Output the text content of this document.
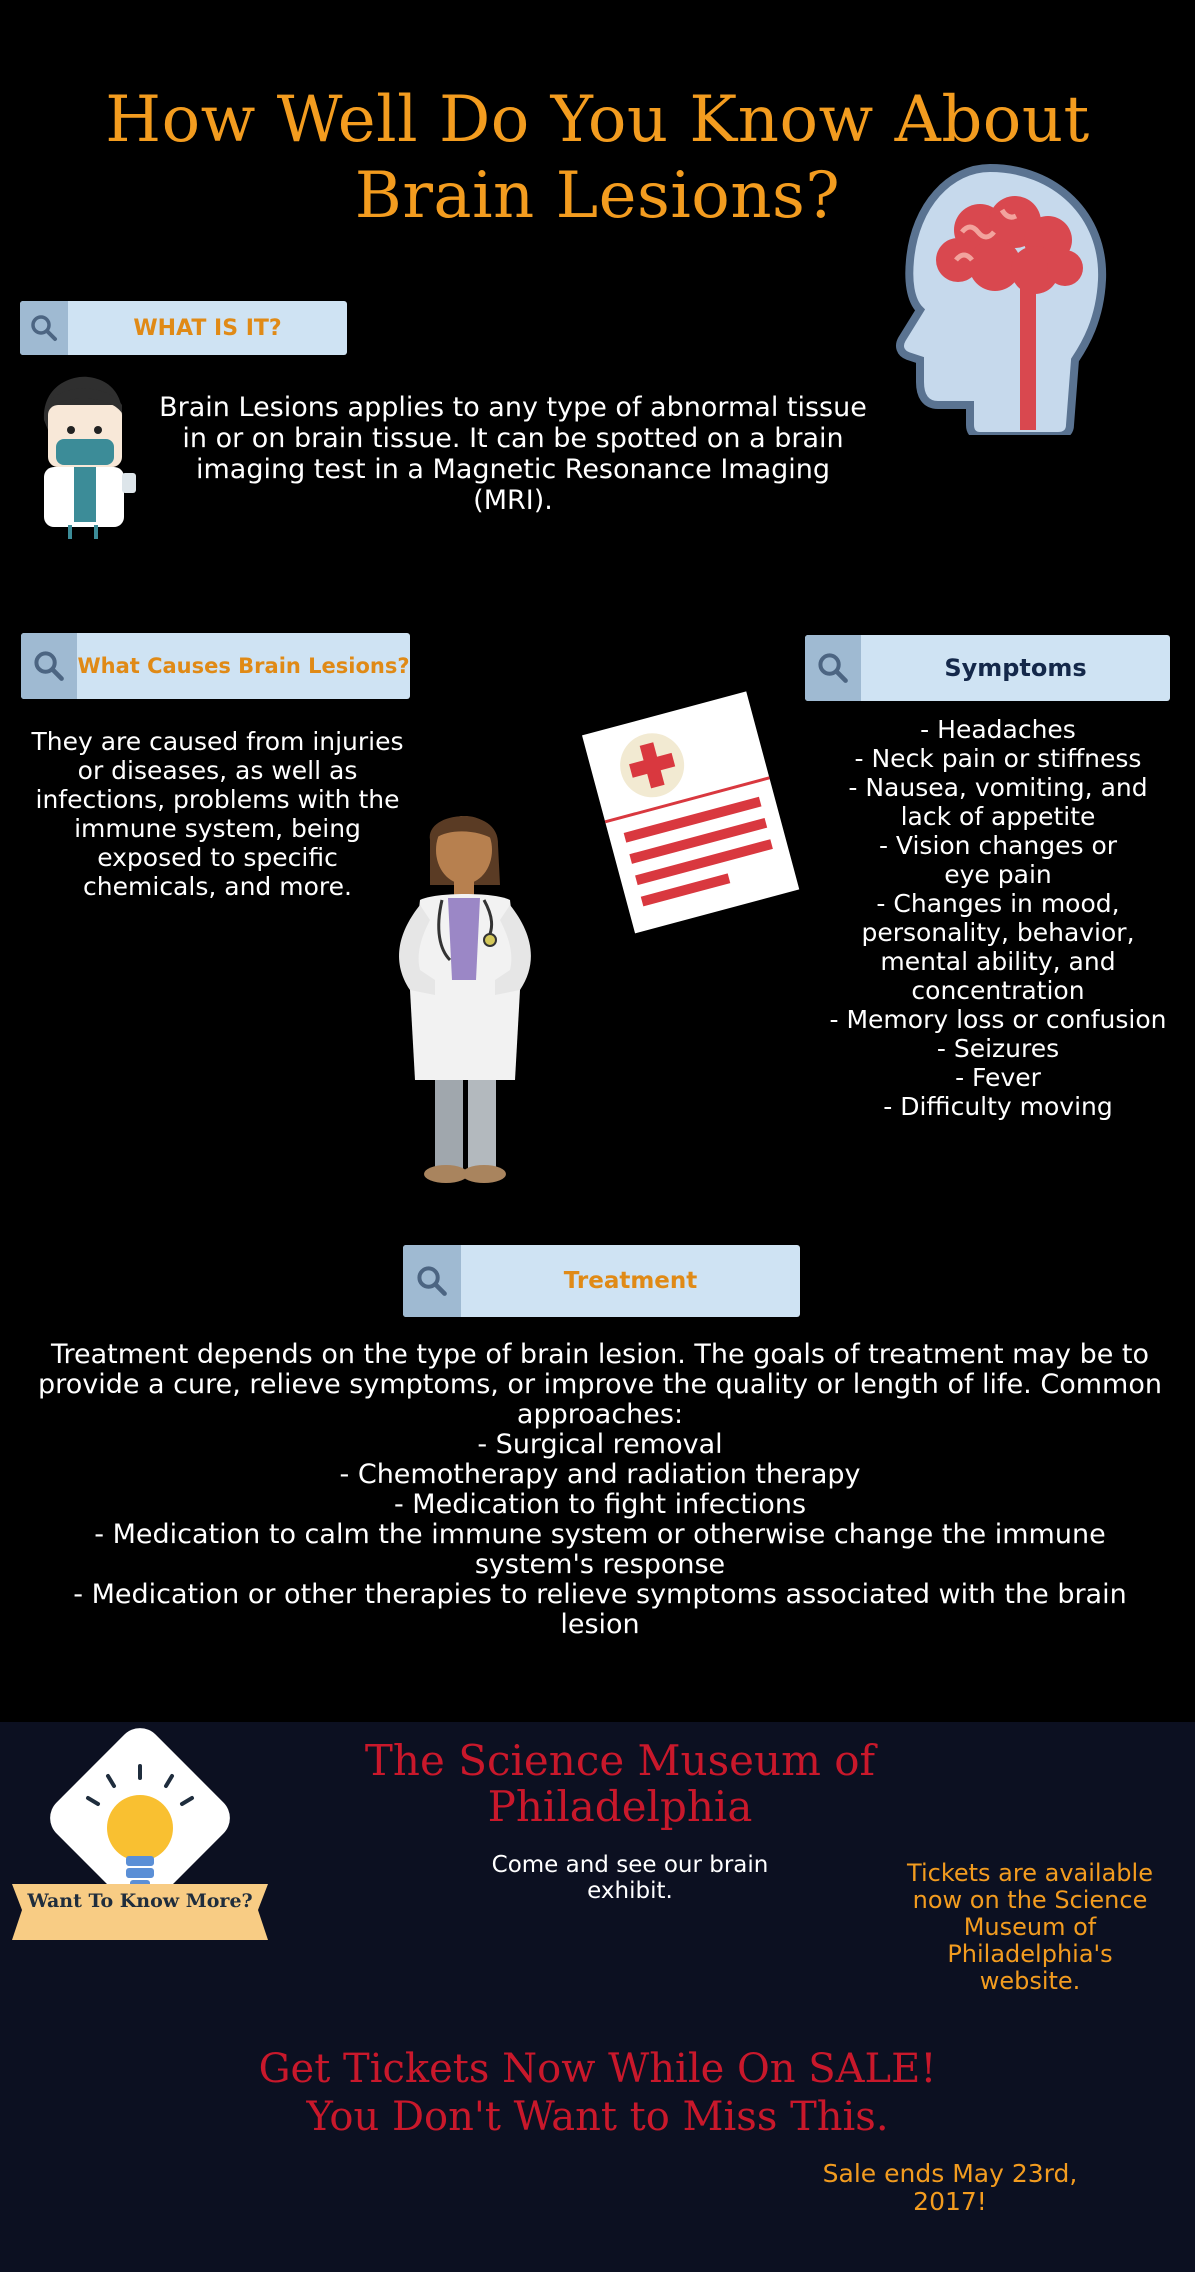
How Well Do You Know About Brain Lesions?
WHAT IS IT?
Brain Lesions applies to any type of abnormal tissue in or on brain tissue. It can be spotted on a brain imaging test in a Magnetic Resonance Imaging (MRI).
What Causes Brain Lesions?
They are caused from injuries or diseases, as well as infections, problems with the immune system, being exposed to specific chemicals, and more.
Symptoms
- Headaches
- Neck pain or stiffness
- Nausea, vomiting, and lack of appetite
- Vision changes or eye pain
- Changes in mood, personality, behavior, mental ability, and concentration
- Memory loss or confusion
- Seizures
- Fever
- Difficulty moving
Treatment
Treatment depends on the type of brain lesion. The goals of treatment may be to provide a cure, relieve symptoms, or improve the quality or length of life. Common approaches:
- Surgical removal
- Chemotherapy and radiation therapy
- Medication to fight infections
- Medication to calm the immune system or otherwise change the immune system's response
- Medication or other therapies to relieve symptoms associated with the brain lesion
Want To Know More?
The Science Museum of Philadelphia
Come and see our brain exhibit.
Tickets are available now on the Science Museum of Philadelphia's website.
Get Tickets Now While On SALE!
You Don't Want to Miss This.
Sale ends May 23rd, 2017!
